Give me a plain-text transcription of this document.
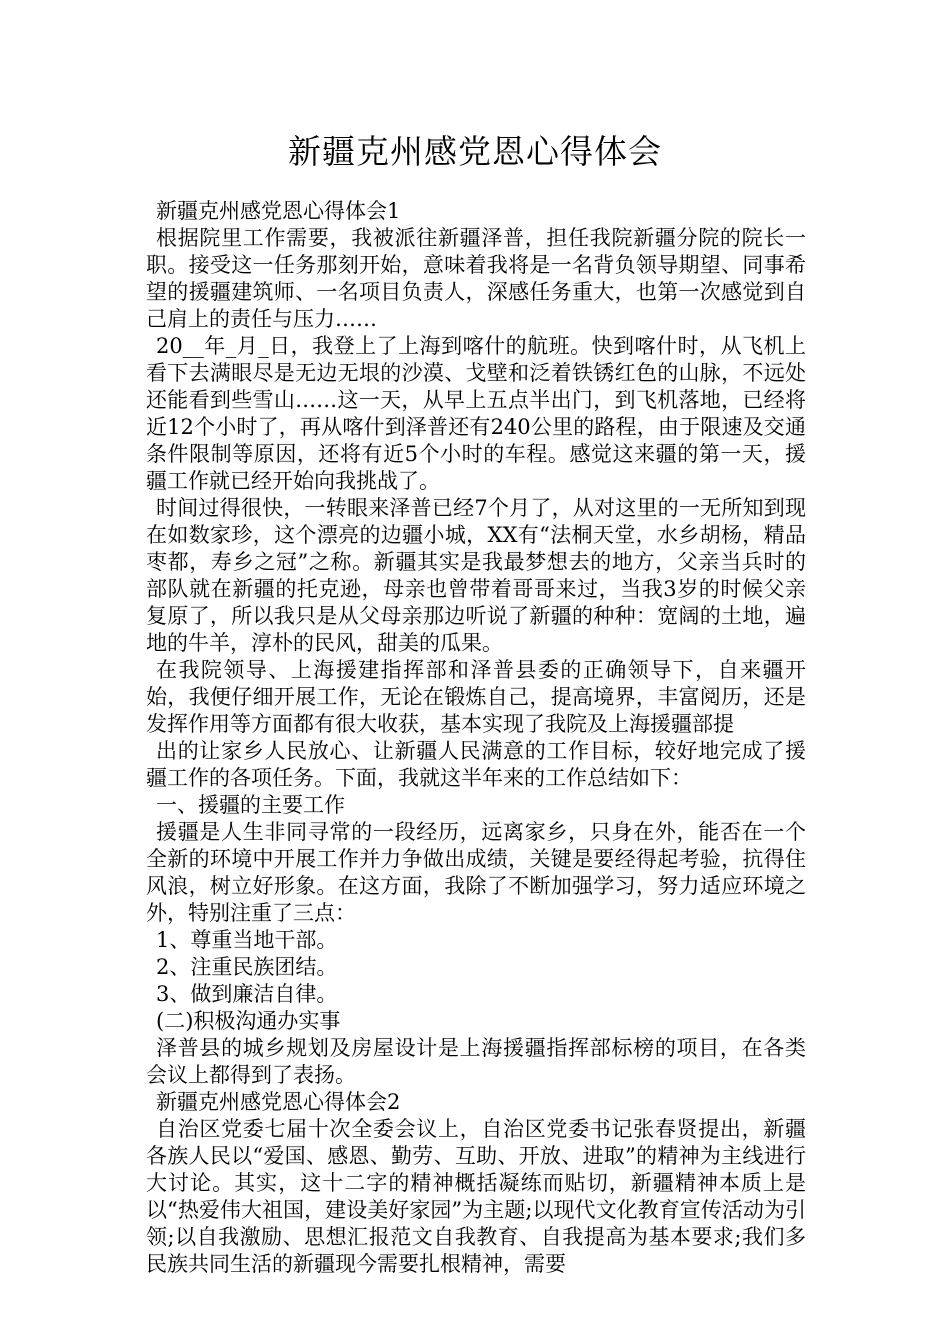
新疆克州感党恩心得体会

新疆克州感党恩心得体会1

根据院里工作需要，我被派往新疆泽普，担任我院新疆分院的院长一职。接受这一任务那刻开始，意味着我将是一名背负领导期望、同事希望的援疆建筑师、一名项目负责人，深感任务重大，也第一次感觉到自己肩上的责任与压力……

20__年_月_日，我登上了上海到喀什的航班。快到喀什时，从飞机上看下去满眼尽是无边无垠的沙漠、戈壁和泛着铁锈红色的山脉，不远处还能看到些雪山……这一天，从早上五点半出门，到飞机落地，已经将近12个小时了，再从喀什到泽普还有240公里的路程，由于限速及交通条件限制等原因，还将有近5个小时的车程。感觉这来疆的第一天，援疆工作就已经开始向我挑战了。

时间过得很快，一转眼来泽普已经7个月了，从对这里的一无所知到现在如数家珍，这个漂亮的边疆小城，XX有“法桐天堂，水乡胡杨，精品枣都，寿乡之冠”之称。新疆其实是我最梦想去的地方，父亲当兵时的部队就在新疆的托克逊，母亲也曾带着哥哥来过，当我3岁的时候父亲复原了，所以我只是从父母亲那边听说了新疆的种种：宽阔的土地，遍地的牛羊，淳朴的民风，甜美的瓜果。

在我院领导、上海援建指挥部和泽普县委的正确领导下，自来疆开始，我便仔细开展工作，无论在锻炼自己，提高境界，丰富阅历，还是发挥作用等方面都有很大收获，基本实现了我院及上海援疆部提

出的让家乡人民放心、让新疆人民满意的工作目标，较好地完成了援疆工作的各项任务。下面，我就这半年来的工作总结如下：

一、援疆的主要工作

援疆是人生非同寻常的一段经历，远离家乡，只身在外，能否在一个全新的环境中开展工作并力争做出成绩，关键是要经得起考验，抗得住风浪，树立好形象。在这方面，我除了不断加强学习，努力适应环境之外，特别注重了三点：

1、尊重当地干部。

2、注重民族团结。

3、做到廉洁自律。

(二)积极沟通办实事

泽普县的城乡规划及房屋设计是上海援疆指挥部标榜的项目，在各类会议上都得到了表扬。

新疆克州感党恩心得体会2

自治区党委七届十次全委会议上，自治区党委书记张春贤提出，新疆各族人民以“爱国、感恩、勤劳、互助、开放、进取”的精神为主线进行大讨论。其实，这十二字的精神概括凝练而贴切，新疆精神本质上是以“热爱伟大祖国，建设美好家园”为主题;以现代文化教育宣传活动为引领;以自我激励、思想汇报范文自我教育、自我提高为基本要求;我们多民族共同生活的新疆现今需要扎根精神，需要
